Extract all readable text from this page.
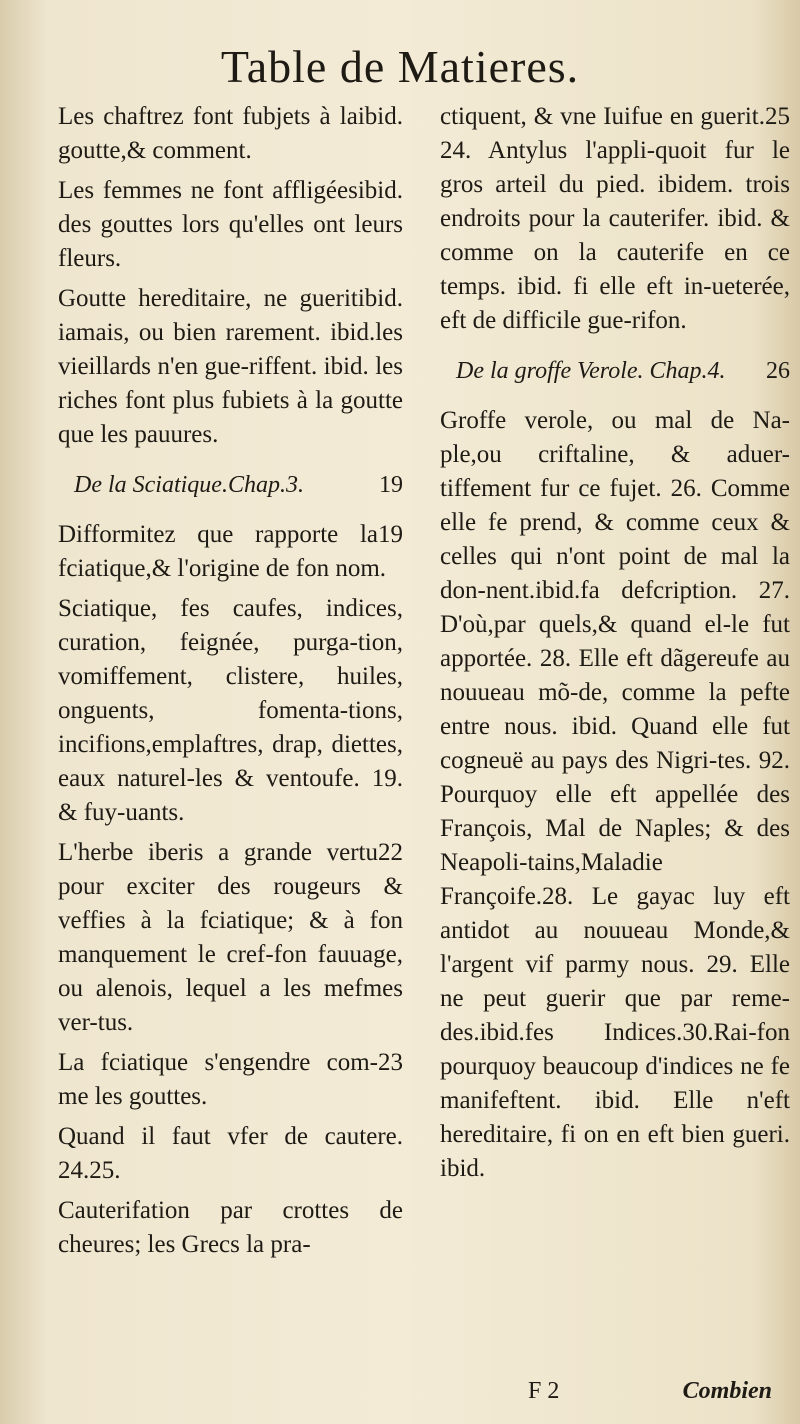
Table de Matieres.

ibid.
Les chaftrez font fubjets à la goutte,& comment.

ibid.
Les femmes ne font affligées des gouttes lors qu'elles ont leurs fleurs.

ibid.
Goutte hereditaire, ne guerit iamais, ou bien rarement. ibid.les vieillards n'en gue-riffent. ibid. les riches font plus fubiets à la goutte que les pauures.

19
De la Sciatique.Chap.3.

19
Difformitez que rapporte la fciatique,& l'origine de fon nom.

Sciatique, fes caufes, indices, curation, feignée, purga-tion, vomiffement, clistere, huiles, onguents, fomenta-tions, incifions,emplaftres, drap, diettes, eaux naturel-les & ventoufe. 19. & fuy-uants.

22
L'herbe iberis a grande vertu pour exciter des rougeurs & veffies à la fciatique; & à fon manquement le cref-fon fauuage, ou alenois, lequel a les mefmes ver-tus.

23
La fciatique s'engendre com-me les gouttes.

Quand il faut vfer de cautere. 24.25.

Cauterifation par crottes de cheures; les Grecs la pra-

25
ctiquent, & vne Iuifue en guerit. 24. Antylus l'appli-quoit fur le gros arteil du pied. ibidem. trois endroits pour la cauterifer. ibid. & comme on la cauterife en ce temps. ibid. fi elle eft in-ueterée, eft de difficile gue-rifon.

26
De la groffe Verole. Chap.4.

Groffe verole, ou mal de Na-ple,ou criftaline, & aduer-tiffement fur ce fujet. 26. Comme elle fe prend, & comme ceux & celles qui n'ont point de mal la don-nent.ibid.fa defcription. 27. D'où,par quels,& quand el-le fut apportée. 28. Elle eft dãgereufe au nouueau mõ-de, comme la pefte entre nous. ibid. Quand elle fut cogneuë au pays des Nigri-tes. 92. Pourquoy elle eft appellée des François, Mal de Naples; & des Neapoli-tains,Maladie Françoife.28. Le gayac luy eft antidot au nouueau Monde,& l'argent vif parmy nous. 29. Elle ne peut guerir que par reme-des.ibid.fes Indices.30.Rai-fon pourquoy beaucoup d'indices ne fe manifeftent. ibid. Elle n'eft hereditaire, fi on en eft bien gueri. ibid.

F 2	Combien
